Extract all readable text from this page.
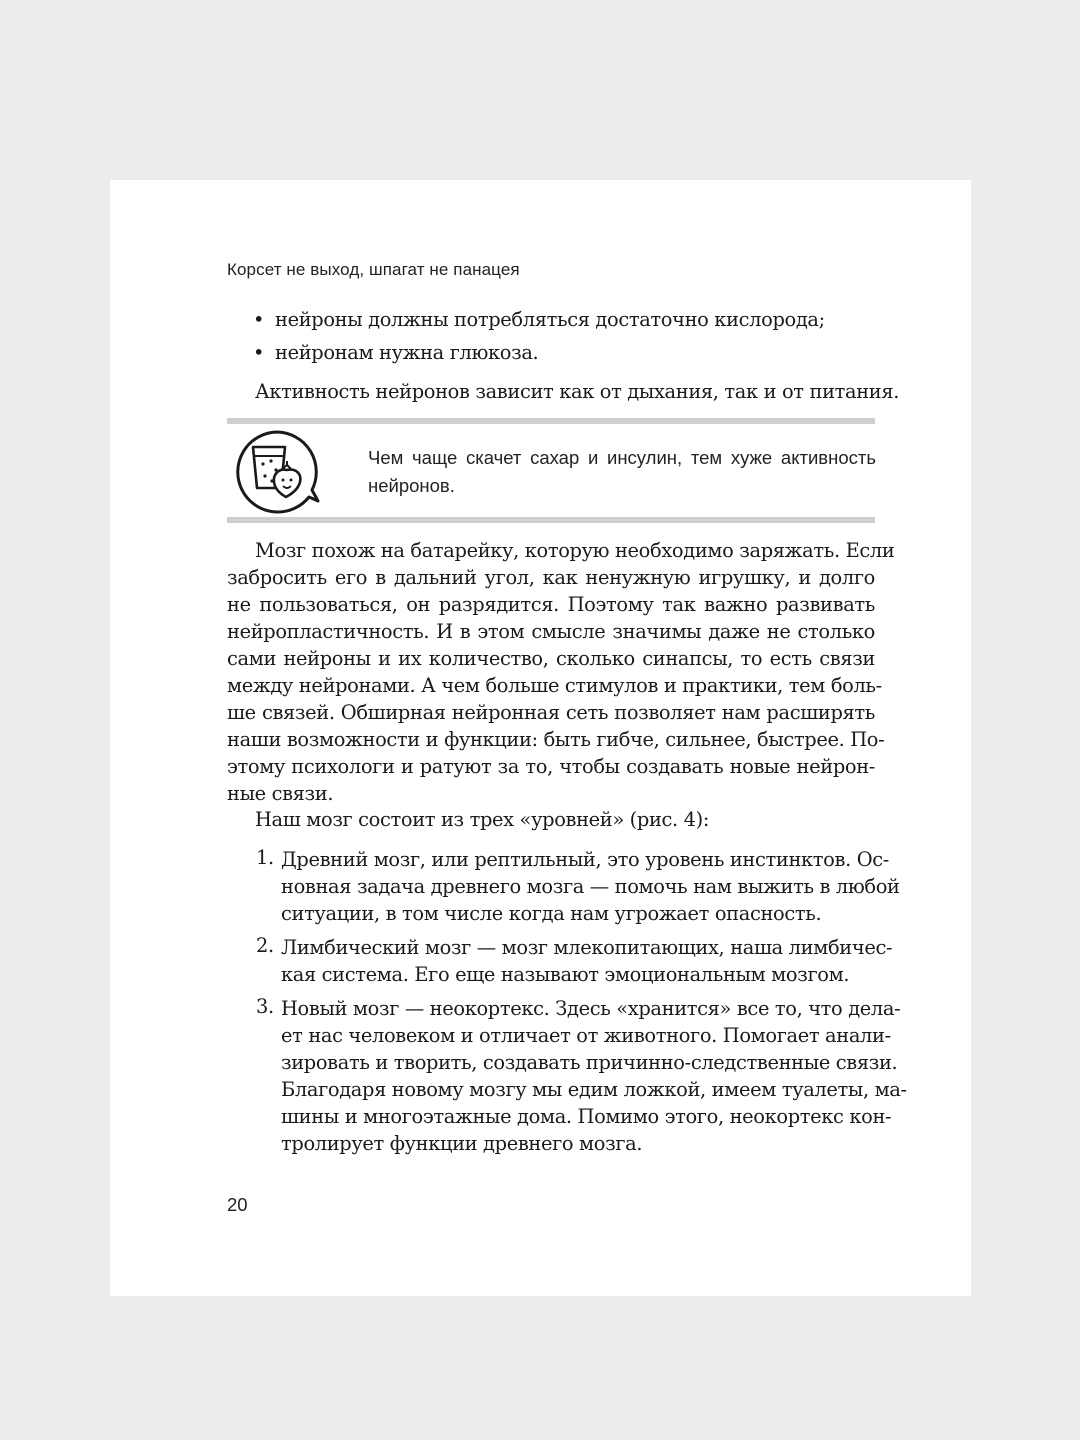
Корсет не выход, шпагат не панацея
• нейроны должны потребляться достаточно кислорода;
• нейронам нужна глюкоза.
Активность нейронов зависит как от дыхания, так и от питания.
Чем чаще скачет сахар и инсулин, тем хуже активность нейронов.
Мозг похож на батарейку, которую необходимо заряжать. Если
забросить его в дальний угол, как ненужную игрушку, и долго
не пользоваться, он разрядится. Поэтому так важно развивать
нейропластичность. И в этом смысле значимы даже не столько
сами нейроны и их количество, сколько синапсы, то есть связи
между нейронами. А чем больше стимулов и практики, тем боль-
ше связей. Обширная нейронная сеть позволяет нам расширять
наши возможности и функции: быть гибче, сильнее, быстрее. По-
этому психологи и ратуют за то, чтобы создавать новые нейрон-
ные связи.
Наш мозг состоит из трех «уровней» (рис. 4):
1. Древний мозг, или рептильный, это уровень инстинктов. Ос-
новная задача древнего мозга — помочь нам выжить в любой
ситуации, в том числе когда нам угрожает опасность.
2. Лимбический мозг — мозг млекопитающих, наша лимбичес-
кая система. Его еще называют эмоциональным мозгом.
3. Новый мозг — неокортекс. Здесь «хранится» все то, что дела-
ет нас человеком и отличает от животного. Помогает анали-
зировать и творить, создавать причинно-следственные связи.
Благодаря новому мозгу мы едим ложкой, имеем туалеты, ма-
шины и многоэтажные дома. Помимо этого, неокортекс кон-
тролирует функции древнего мозга.
20
